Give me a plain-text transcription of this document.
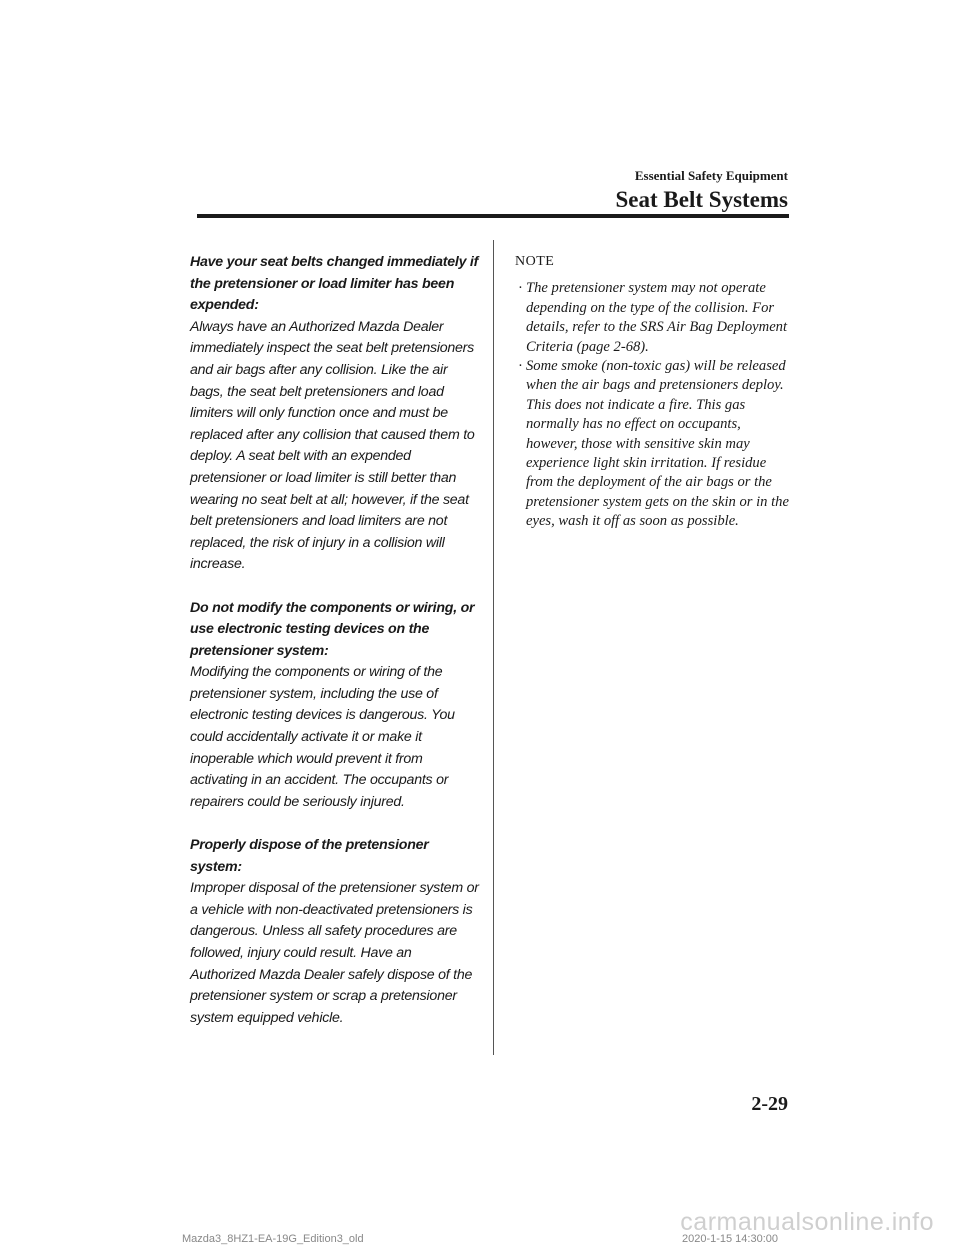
Essential Safety Equipment
Seat Belt Systems
Have your seat belts changed immediately if the pretensioner or load limiter has been expended:
Always have an Authorized Mazda Dealer immediately inspect the seat belt pretensioners and air bags after any collision. Like the air bags, the seat belt pretensioners and load limiters will only function once and must be replaced after any collision that caused them to deploy. A seat belt with an expended pretensioner or load limiter is still better than wearing no seat belt at all; however, if the seat belt pretensioners and load limiters are not replaced, the risk of injury in a collision will increase.
Do not modify the components or wiring, or use electronic testing devices on the pretensioner system:
Modifying the components or wiring of the pretensioner system, including the use of electronic testing devices is dangerous. You could accidentally activate it or make it inoperable which would prevent it from activating in an accident. The occupants or repairers could be seriously injured.
Properly dispose of the pretensioner system:
Improper disposal of the pretensioner system or a vehicle with non-deactivated pretensioners is dangerous. Unless all safety procedures are followed, injury could result. Have an Authorized Mazda Dealer safely dispose of the pretensioner system or scrap a pretensioner system equipped vehicle.
NOTE
· The pretensioner system may not operate depending on the type of the collision. For details, refer to the SRS Air Bag Deployment Criteria (page 2-68).
· Some smoke (non-toxic gas) will be released when the air bags and pretensioners deploy. This does not indicate a fire. This gas normally has no effect on occupants, however, those with sensitive skin may experience light skin irritation. If residue from the deployment of the air bags or the pretensioner system gets on the skin or in the eyes, wash it off as soon as possible.
2-29
Mazda3_8HZ1-EA-19G_Edition3_old	2020-1-15 14:30:00
carmanualsonline.info
